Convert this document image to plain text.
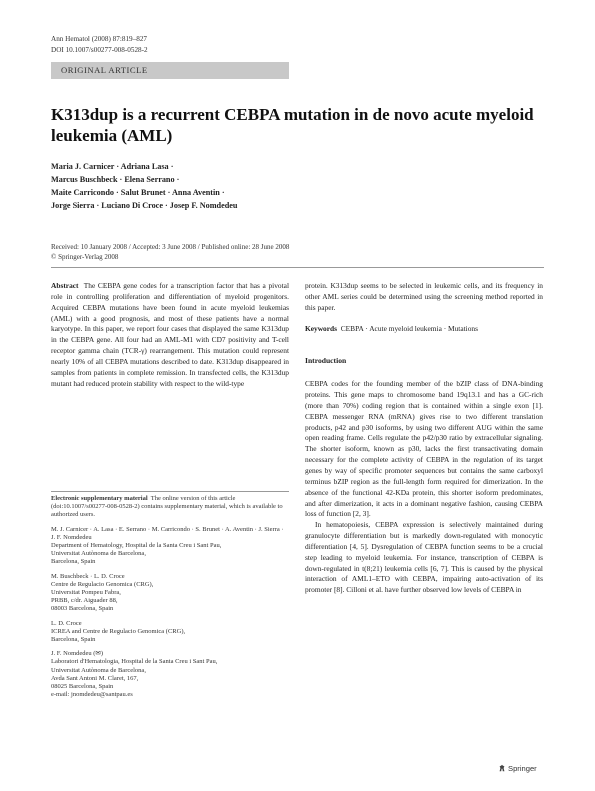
Ann Hematol (2008) 87:819–827
DOI 10.1007/s00277-008-0528-2
ORIGINAL ARTICLE
K313dup is a recurrent CEBPA mutation in de novo acute myeloid leukemia (AML)
Maria J. Carnicer · Adriana Lasa ·
Marcus Buschbeck · Elena Serrano ·
Maite Carricondo · Salut Brunet · Anna Aventin ·
Jorge Sierra · Luciano Di Croce · Josep F. Nomdedeu
Received: 10 January 2008 / Accepted: 3 June 2008 / Published online: 28 June 2008
© Springer-Verlag 2008

Abstract The CEBPA gene codes for a transcription factor that has a pivotal role in controlling proliferation and differentiation of myeloid progenitors. Acquired CEBPA mutations have been found in acute myeloid leukemias (AML) with a good prognosis, and most of these patients have a normal karyotype. In this paper, we report four cases that displayed the same K313dup in the CEBPA gene. All four had an AML-M1 with CD7 positivity and T-cell receptor gamma chain (TCR-γ) rearrangement. This mutation could represent nearly 10% of all CEBPA mutations described to date. K313dup disappeared in samples from patients in complete remission. In transfected cells, the K313dup mutant had reduced protein stability with respect to the wild-type

Electronic supplementary material The online version of this article (doi:10.1007/s00277-008-0528-2) contains supplementary material, which is available to authorized users.
M. J. Carnicer · A. Lasa · E. Serrano · M. Carricondo · S. Brunet · A. Aventin · J. Sierra · J. F. Nomdedeu
Department of Hematology, Hospital de la Santa Creu i Sant Pau,
Universitat Autònoma de Barcelona,
Barcelona, Spain
M. Buschbeck · L. D. Croce
Centre de Regulacio Genomica (CRG),
Universitat Pompeu Fabra,
PRBB, c/dr. Aiguader 88,
08003 Barcelona, Spain
L. D. Croce
ICREA and Centre de Regulacio Genomica (CRG),
Barcelona, Spain
J. F. Nomdedeu (✉)
Laboratori d'Hematologia, Hospital de la Santa Creu i Sant Pau,
Universitat Autònoma de Barcelona,
Avda Sant Antoni M. Claret, 167,
08025 Barcelona, Spain
e-mail: jnomdedeu@santpau.es

protein. K313dup seems to be selected in leukemic cells, and its frequency in other AML series could be determined using the screening method reported in this paper.

Keywords CEBPA · Acute myeloid leukemia · Mutations

Introduction

CEBPA codes for the founding member of the bZIP class of DNA-binding proteins. This gene maps to chromosome band 19q13.1 and has a GC-rich (more than 70%) coding region that is contained within a single exon [1]. CEBPA messenger RNA (mRNA) gives rise to two different translation products, p42 and p30 isoforms, by using two different AUG within the same open reading frame. Cells regulate the p42/p30 ratio by extracellular signaling. The shorter isoform, known as p30, lacks the first transactivating domain necessary for the complete activity of CEBPA in the regulation of its target genes by way of specific promoter sequences but contains the same carboxyl terminus bZIP region as the full-length form required for dimerization. In the absence of the functional 42-KDa protein, this shorter isoform predominates, and after dimerization, it acts in a dominant negative fashion, causing CEBPA loss of function [2, 3].

In hematopoiesis, CEBPA expression is selectively maintained during granulocyte differentiation but is markedly down-regulated with monocytic differentiation [4, 5]. Dysregulation of CEBPA function seems to be a crucial step leading to myeloid leukemia. For instance, transcription of CEBPA is down-regulated in t(8;21) leukemia cells [6, 7]. This is caused by the physical interaction of AML1–ETO with CEBPA, impairing auto-activation of its promoter [8]. Cilloni et al. have further observed low levels of CEBPA in

Springer
